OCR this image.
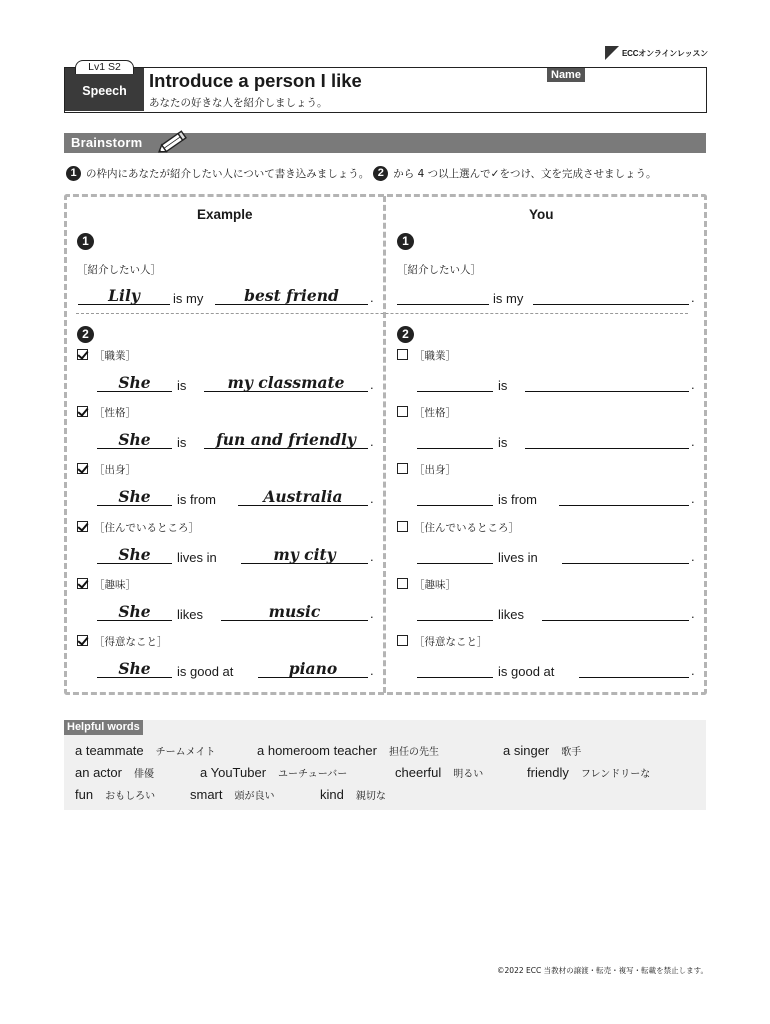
ECCオンラインレッスン
Lv1 S2
Speech	Introduce a person I like
あなたの好きな人を紹介しましょう。
Name
Brainstorm
1 の枠内にあなたが紹介したい人について書き込みましょう。 2 から 4 つ以上選んで✓をつけ、文を完成させましょう。
Example
1
［紹介したい人］
Lily	is my	best friend	.
2
［職業］
She	is	my classmate	.
［性格］
She	is	fun and friendly	.
［出身］
She	is from	Australia	.
［住んでいるところ］
She	lives in	my city	.
［趣味］
She	likes	music	.
［得意なこと］
She	is good at	piano	.
You
1
［紹介したい人］
is my	.
2
［職業］
is	.
［性格］
is	.
［出身］
is from	.
［住んでいるところ］
lives in	.
［趣味］
likes	.
［得意なこと］
is good at	.
Helpful words
a teammate チームメイト	a homeroom teacher 担任の先生	a singer 歌手
an actor 俳優	a YouTuber ユーチューバー	cheerful 明るい	friendly フレンドリーな
fun おもしろい	smart 頭が良い	kind 親切な
©2022 ECC 当教材の譲渡・転売・複写・転載を禁止します。
